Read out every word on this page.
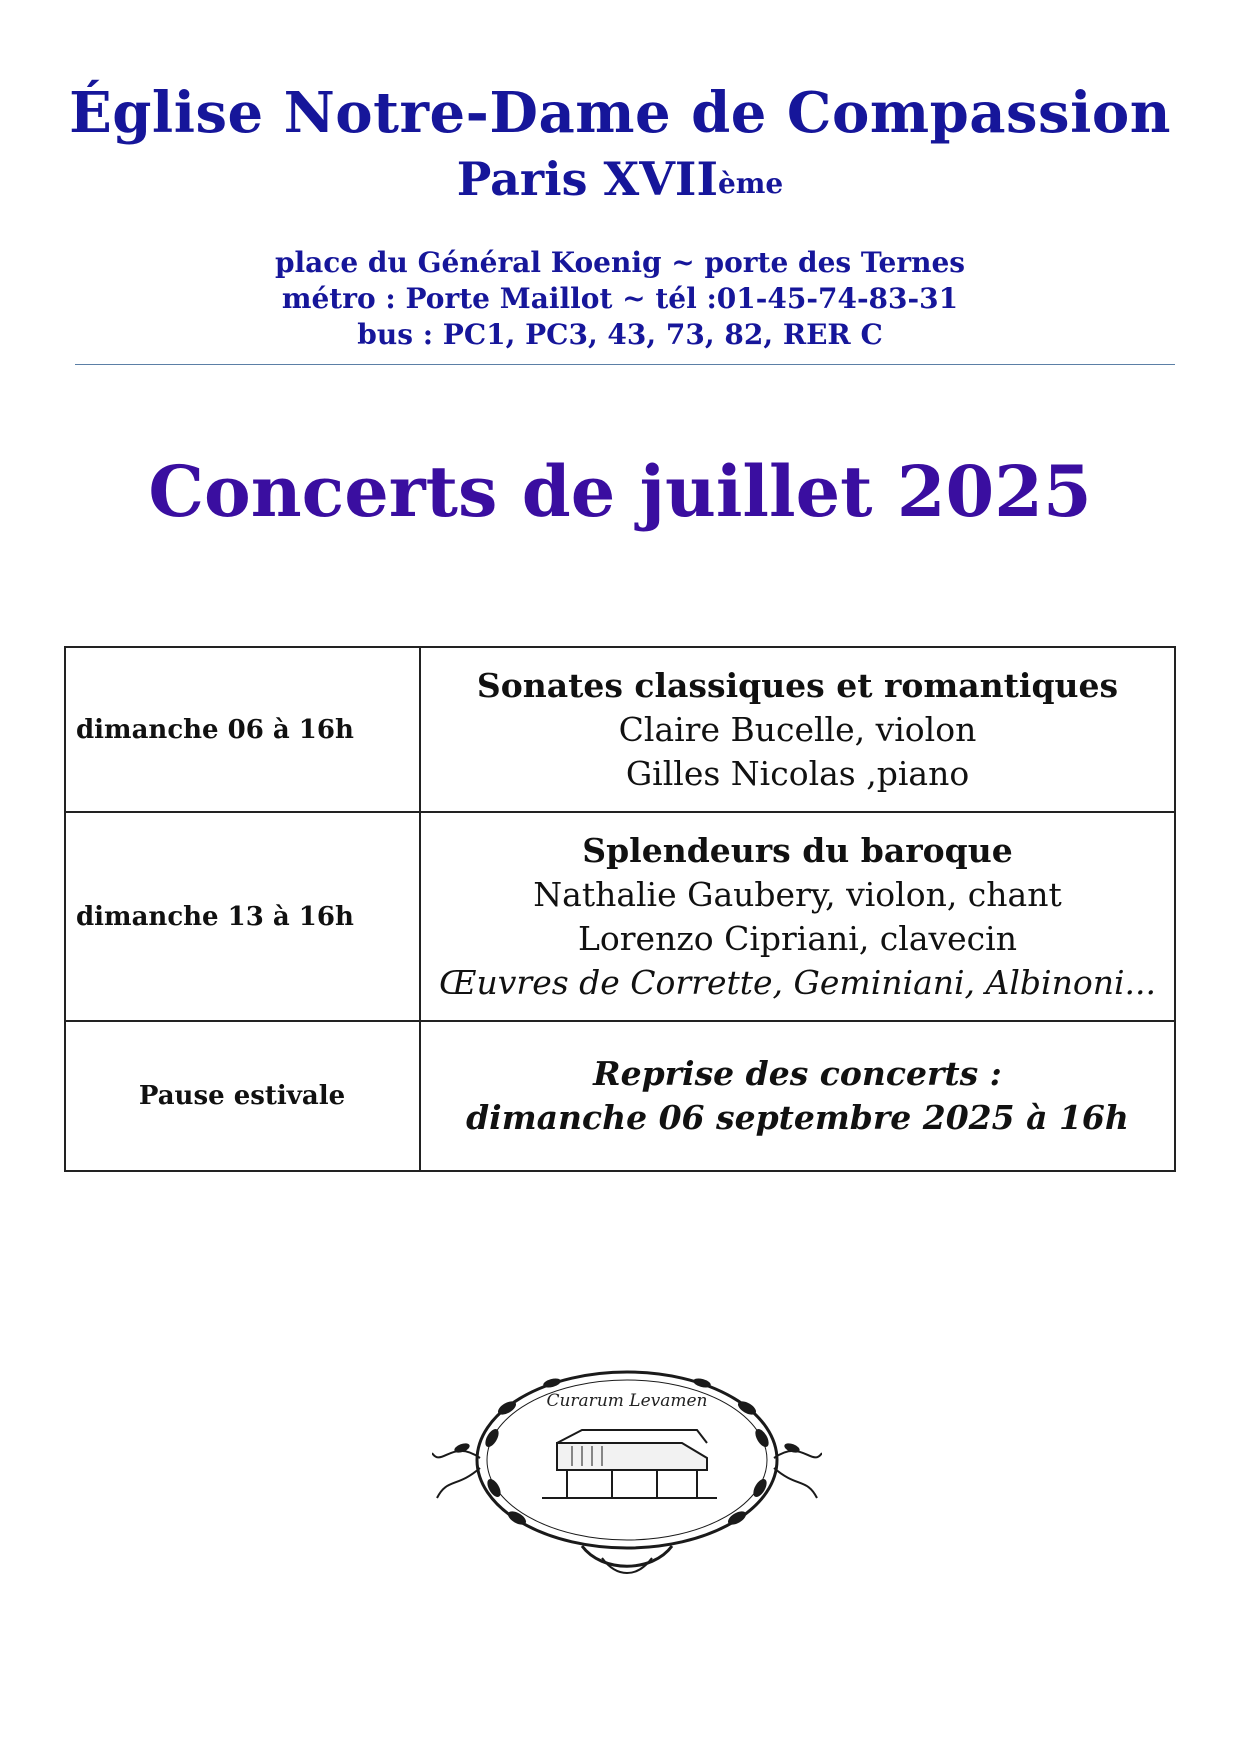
Église Notre-Dame de Compassion
Paris XVIIème
place du Général Koenig ~ porte des Ternes
métro : Porte Maillot ~ tél :01-45-74-83-31
bus : PC1, PC3, 43, 73, 82, RER C
Concerts de juillet 2025
dimanche 06 à 16h	Sonates classiques et romantiques
Claire Bucelle, violon
Gilles Nicolas ,piano

dimanche 13 à 16h	Splendeurs du baroque
Nathalie Gaubery, violon, chant
Lorenzo Cipriani, clavecin
Œuvres de Corrette, Geminiani, Albinoni...

Pause estivale	Reprise des concerts :
dimanche 06 septembre 2025 à 16h
Curarum Levamen
